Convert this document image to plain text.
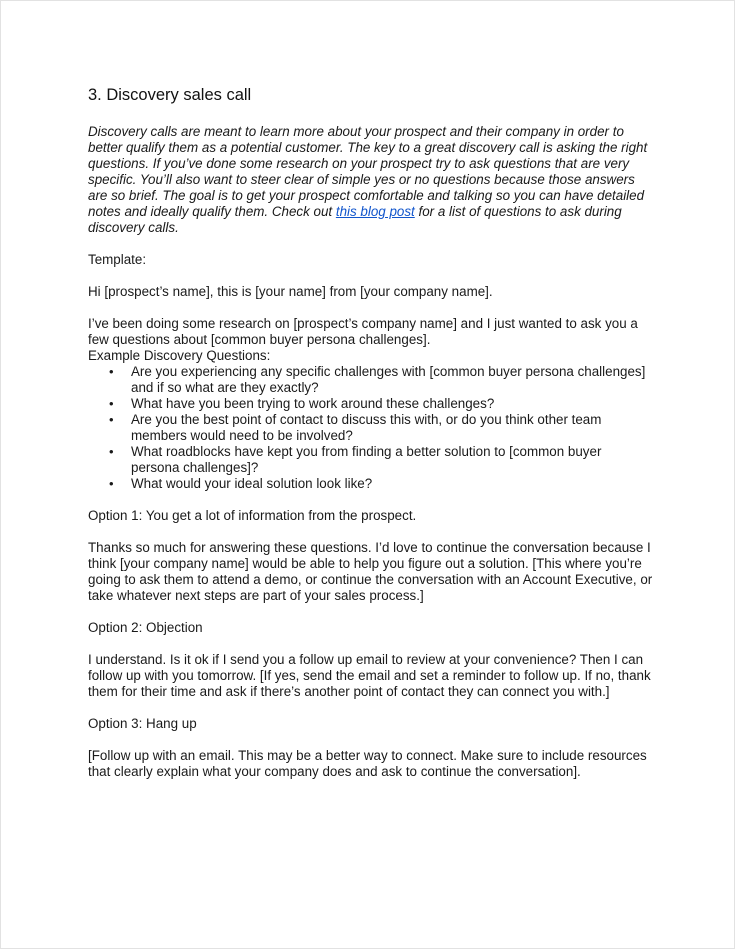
3. Discovery sales call

Discovery calls are meant to learn more about your prospect and their company in order to better qualify them as a potential customer. The key to a great discovery call is asking the right questions. If you’ve done some research on your prospect try to ask questions that are very specific. You’ll also want to steer clear of simple yes or no questions because those answers are so brief. The goal is to get your prospect comfortable and talking so you can have detailed notes and ideally qualify them. Check out this blog post for a list of questions to ask during discovery calls.

Template:

Hi [prospect’s name], this is [your name] from [your company name].

I’ve been doing some research on [prospect’s company name] and I just wanted to ask you a few questions about [common buyer persona challenges].

Example Discovery Questions:

• Are you experiencing any specific challenges with [common buyer persona challenges] and if so what are they exactly?
• What have you been trying to work around these challenges?
• Are you the best point of contact to discuss this with, or do you think other team members would need to be involved?
• What roadblocks have kept you from finding a better solution to [common buyer persona challenges]?
• What would your ideal solution look like?

Option 1: You get a lot of information from the prospect.

Thanks so much for answering these questions. I’d love to continue the conversation because I think [your company name] would be able to help you figure out a solution. [This where you’re going to ask them to attend a demo, or continue the conversation with an Account Executive, or take whatever next steps are part of your sales process.]

Option 2: Objection

I understand. Is it ok if I send you a follow up email to review at your convenience? Then I can follow up with you tomorrow. [If yes, send the email and set a reminder to follow up. If no, thank them for their time and ask if there’s another point of contact they can connect you with.]

Option 3: Hang up

[Follow up with an email. This may be a better way to connect. Make sure to include resources that clearly explain what your company does and ask to continue the conversation].
